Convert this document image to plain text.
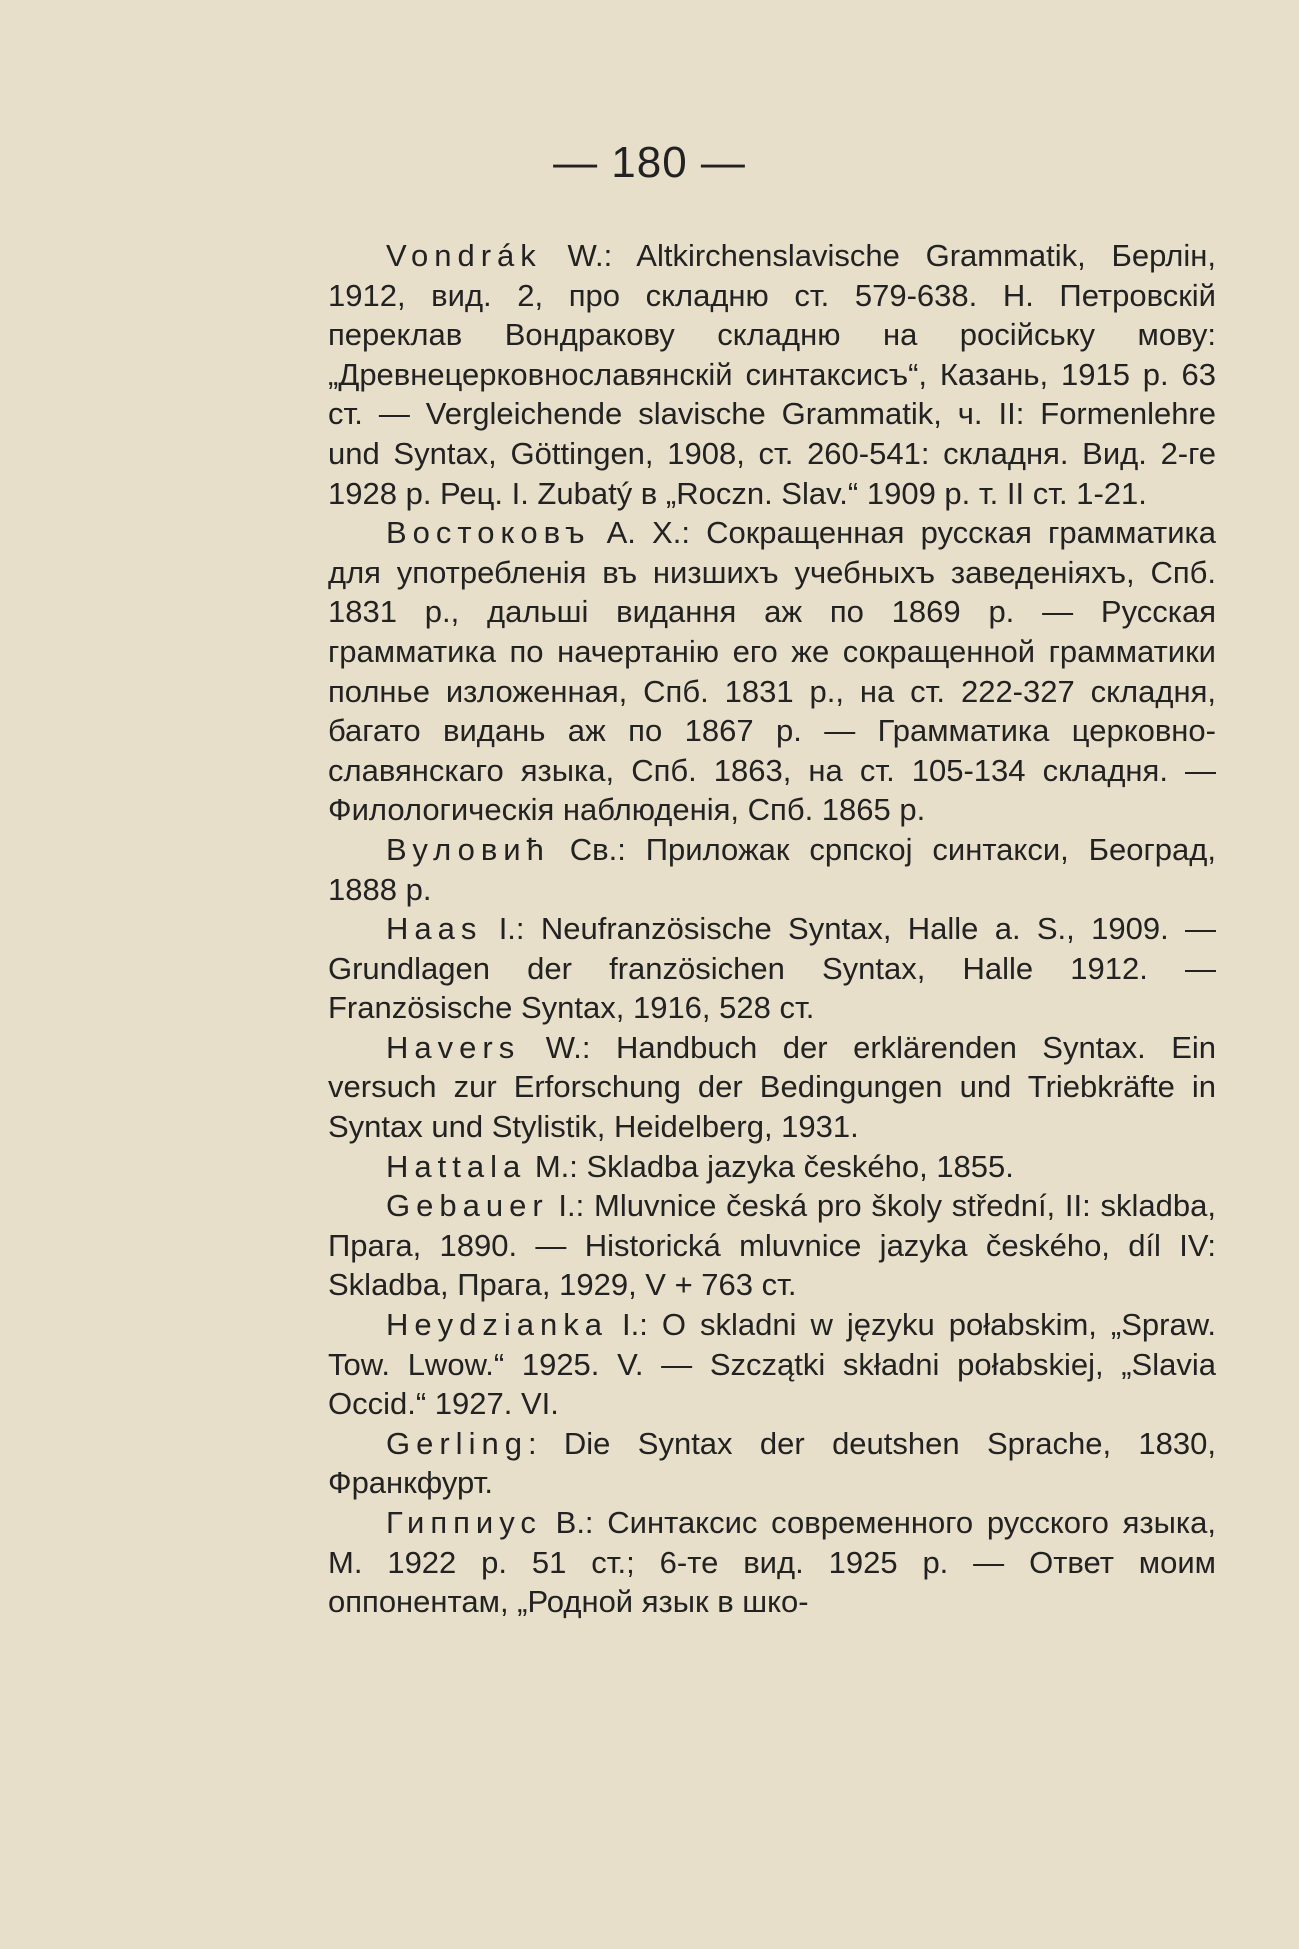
— 180 —

Vondrák W.: Altkirchenslavische Grammatik, Берлін, 1912, вид. 2, про складню ст. 579-638. Н. Петровскій переклав Вондракову складню на російську мову: „Древнецерковнославянскій синтаксисъ“, Казань, 1915 р. 63 ст. — Vergleichende slavische Grammatik, ч. II: Formenlehre und Syntax, Göttingen, 1908, ст. 260-541: складня. Вид. 2-ге 1928 р. Рец. I. Zubatý в „Roczn. Slav.“ 1909 р. т. II ст. 1-21.

Востоковъ А. Х.: Сокращенная русская грамматика для употребленія въ низшихъ учебныхъ заведеніяхъ, Спб. 1831 р., дальші видання аж по 1869 р. — Русская грамматика по начертанію его же сокращенной грамматики полнье изложенная, Спб. 1831 р., на ст. 222-327 складня, багато видань аж по 1867 р. — Грамматика церковно-славянскаго языка, Спб. 1863, на ст. 105-134 складня. — Филологическія наблюденія, Спб. 1865 р.

Вуловић Св.: Приложак српској синтакси, Београд, 1888 р.

Haas I.: Neufranzösische Syntax, Halle a. S., 1909. — Grundlagen der französichen Syntax, Halle 1912. — Französische Syntax, 1916, 528 ст.

Havers W.: Handbuch der erklärenden Syntax. Ein versuch zur Erforschung der Bedingungen und Triebkräfte in Syntax und Stylistik, Heidelberg, 1931.

Hattala M.: Skladba jazyka českého, 1855.

Gebauer I.: Mluvnice česká pro školy střední, II: skladba, Прага, 1890. — Historická mluvnice jazyka českého, díl IV: Skladba, Прага, 1929, V + 763 ст.

Heydzianka I.: O skladni w języku połabskim, „Spraw. Tow. Lwow.“ 1925. V. — Szczątki składni połabskiej, „Slavia Occid.“ 1927. VI.

Gerling: Die Syntax der deutshen Sprache, 1830, Франкфурт.

Гиппиус В.: Синтаксис современного русского языка, М. 1922 р. 51 ст.; 6-те вид. 1925 р. — Ответ моим оппонентам, „Родной язык в шко-
